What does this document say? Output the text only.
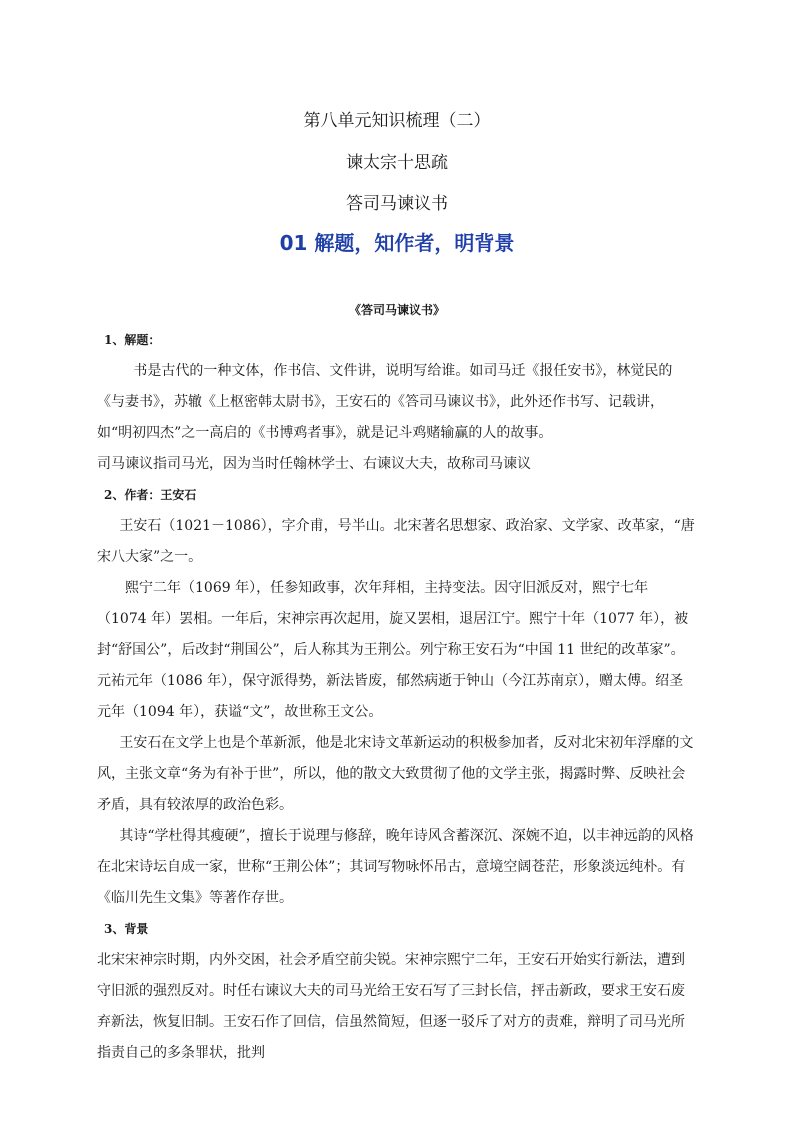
第八单元知识梳理（二）
谏太宗十思疏
答司马谏议书
01 解题，知作者，明背景
《答司马谏议书》

1、解题：

书是古代的一种文体，作书信、文件讲，说明写给谁。如司马迁《报任安书》，林觉民的《与妻书》，苏辙《上枢密韩太尉书》，王安石的《答司马谏议书》，此外还作书写、记载讲，如“明初四杰”之一高启的《书博鸡者事》，就是记斗鸡赌输赢的人的故事。

司马谏议指司马光，因为当时任翰林学士、右谏议大夫，故称司马谏议

2、作者：王安石

王安石（1021－1086），字介甫，号半山。北宋著名思想家、政治家、文学家、改革家，“唐宋八大家”之一。

熙宁二年（1069 年），任参知政事，次年拜相，主持变法。因守旧派反对，熙宁七年（1074 年）罢相。一年后，宋神宗再次起用，旋又罢相，退居江宁。熙宁十年（1077 年），被封“舒国公”，后改封“荆国公”，后人称其为王荆公。列宁称王安石为“中国 11 世纪的改革家”。元祐元年（1086 年），保守派得势，新法皆废，郁然病逝于钟山（今江苏南京），赠太傅。绍圣元年（1094 年），获谥“文”，故世称王文公。

王安石在文学上也是个革新派，他是北宋诗文革新运动的积极参加者，反对北宋初年浮靡的文风，主张文章“务为有补于世”，所以，他的散文大致贯彻了他的文学主张，揭露时弊、反映社会矛盾，具有较浓厚的政治色彩。

其诗“学杜得其瘦硬”，擅长于说理与修辞，晚年诗风含蓄深沉、深婉不迫，以丰神远韵的风格在北宋诗坛自成一家，世称“王荆公体”；其词写物咏怀吊古，意境空阔苍茫，形象淡远纯朴。有《临川先生文集》等著作存世。

3、背景

北宋宋神宗时期，内外交困，社会矛盾空前尖锐。宋神宗熙宁二年，王安石开始实行新法，遭到守旧派的强烈反对。时任右谏议大夫的司马光给王安石写了三封长信，抨击新政，要求王安石废弃新法，恢复旧制。王安石作了回信，信虽然简短，但逐一驳斥了对方的责难，辩明了司马光所指责自己的多条罪状，批判
